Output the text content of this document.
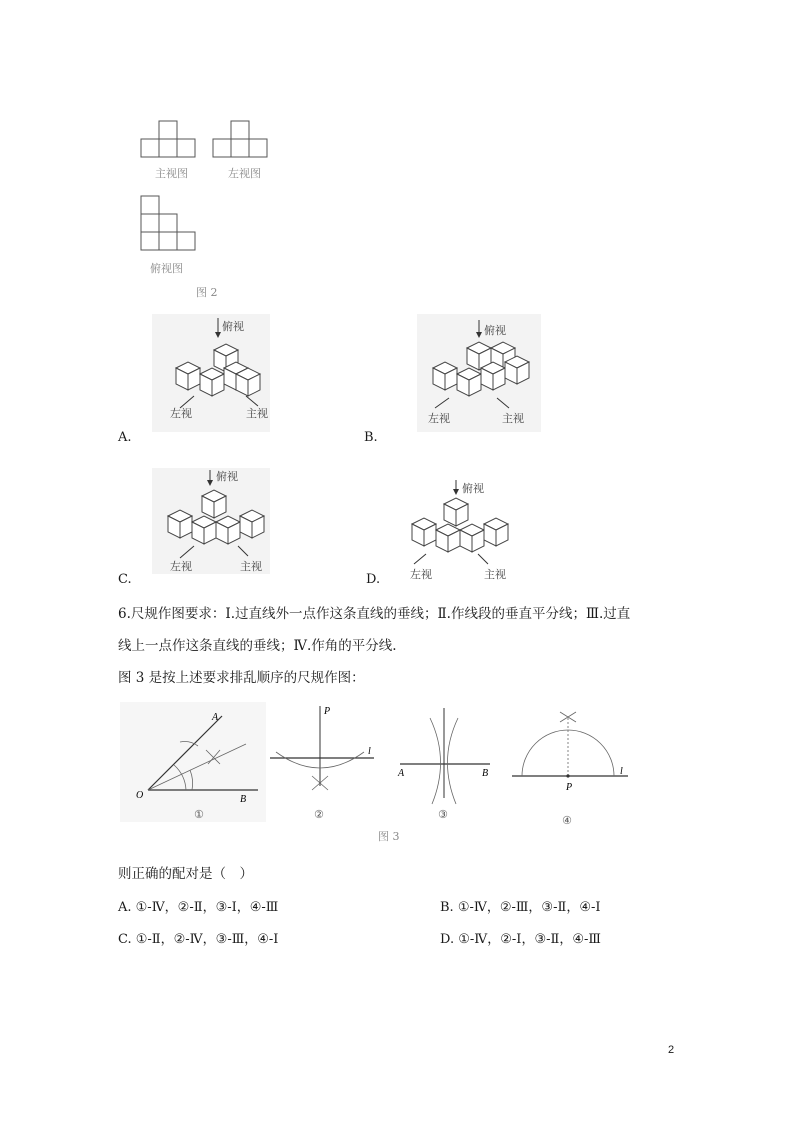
主视图	左视图
俯视图
图 2
A.
俯视
左视	主视
B.
俯视
左视	主视
C.
俯视
左视	主视
D.
俯视
左视	主视
6.尺规作图要求：Ⅰ.过直线外一点作这条直线的垂线；Ⅱ.作线段的垂直平分线；Ⅲ.过直
线上一点作这条直线的垂线；Ⅳ.作角的平分线.
图 3 是按上述要求排乱顺序的尺规作图：
O
A
B
①
P
l
②
A	B
③
图 3
P
l
④
则正确的配对是（　）
A. ①-Ⅳ，②-Ⅱ，③-Ⅰ，④-Ⅲ	B. ①-Ⅳ，②-Ⅲ，③-Ⅱ，④-Ⅰ
C. ①-Ⅱ，②-Ⅳ，③-Ⅲ，④-Ⅰ	D. ①-Ⅳ，②-Ⅰ，③-Ⅱ，④-Ⅲ
2
